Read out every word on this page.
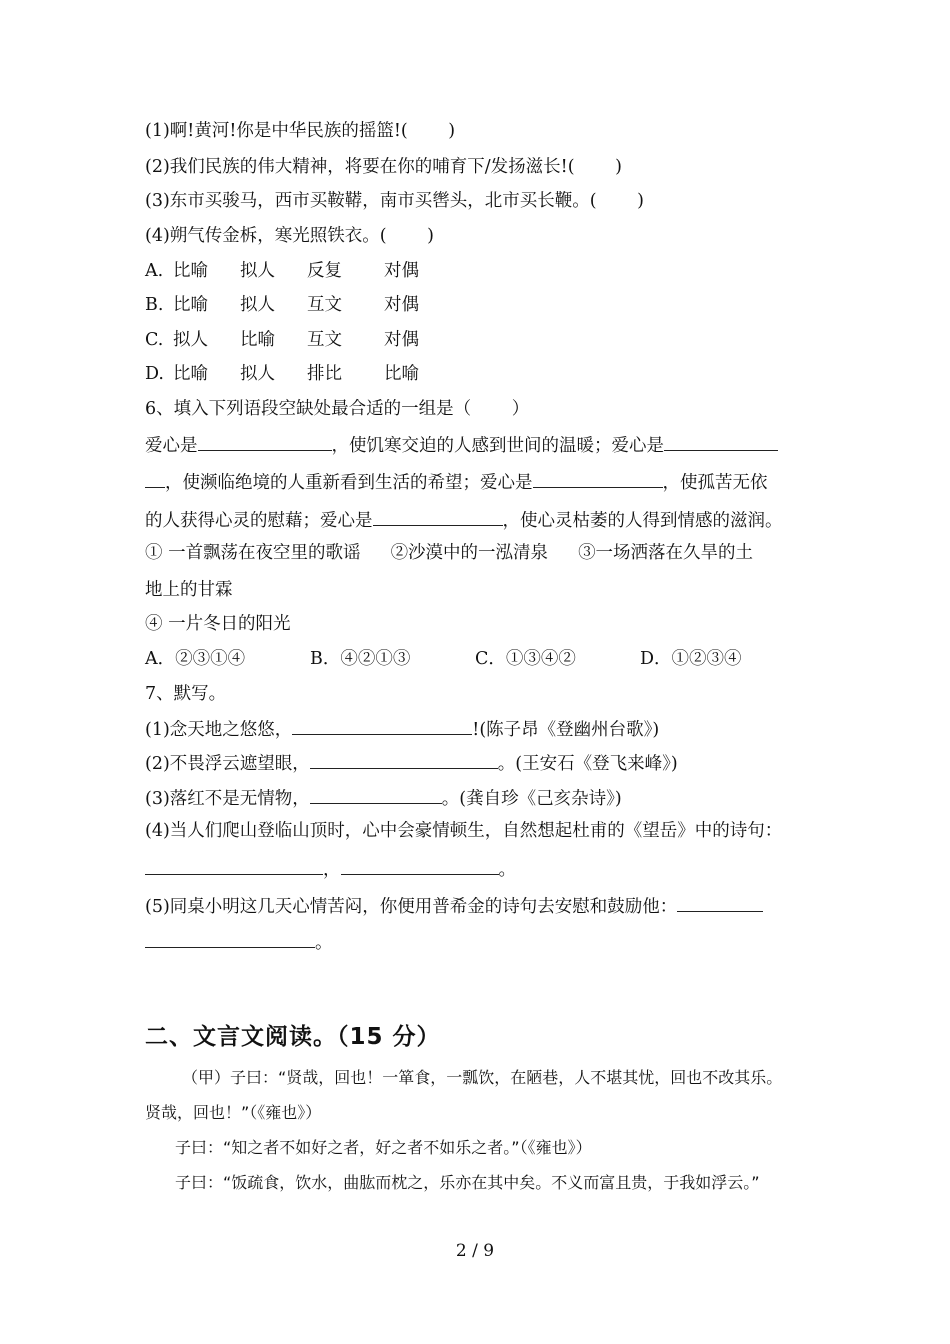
(1)啊!黄河!你是中华民族的摇篮!(　　 )
(2)我们民族的伟大精神，将要在你的哺育下/发扬滋长!(　　 )
(3)东市买骏马，西市买鞍鞯，南市买辔头，北市买长鞭。(　　 )
(4)朔气传金柝，寒光照铁衣。(　　 )
A. 比喻 拟人 反复 对偶
B. 比喻 拟人 互文 对偶
C. 拟人 比喻 互文 对偶
D. 比喻 拟人 排比 比喻
6、填入下列语段空缺处最合适的一组是（　　 ）
爱心是	，使饥寒交迫的人感到世间的温暖；爱心是
，使濒临绝境的人重新看到生活的希望；爱心是	，使孤苦无依
的人获得心灵的慰藉；爱心是	，使心灵枯萎的人得到情感的滋润。
① 一首飘荡在夜空里的歌谣 ②沙漠中的一泓清泉 ③一场洒落在久旱的土
地上的甘霖
④ 一片冬日的阳光
A．②③①④	B．④②①③	C．①③④②	D．①②③④
7、默写。
(1)念天地之悠悠，	!(陈子昂《登幽州台歌》)
(2)不畏浮云遮望眼，	。(王安石《登飞来峰》)
(3)落红不是无情物，	。(龚自珍《己亥杂诗》)
(4)当人们爬山登临山顶时，心中会豪情顿生，自然想起杜甫的《望岳》中的诗句：
，	。
(5)同桌小明这几天心情苦闷，你便用普希金的诗句去安慰和鼓励他：
。
二、文言文阅读。（15 分）
（甲）子曰：“贤哉，回也！一箪食，一瓢饮，在陋巷，人不堪其忧，回也不改其乐。
贤哉，回也！”（《雍也》）
子曰：“知之者不如好之者，好之者不如乐之者。”（《雍也》）
子曰：“饭疏食，饮水，曲肱而枕之，乐亦在其中矣。不义而富且贵，于我如浮云。”
2 / 9
